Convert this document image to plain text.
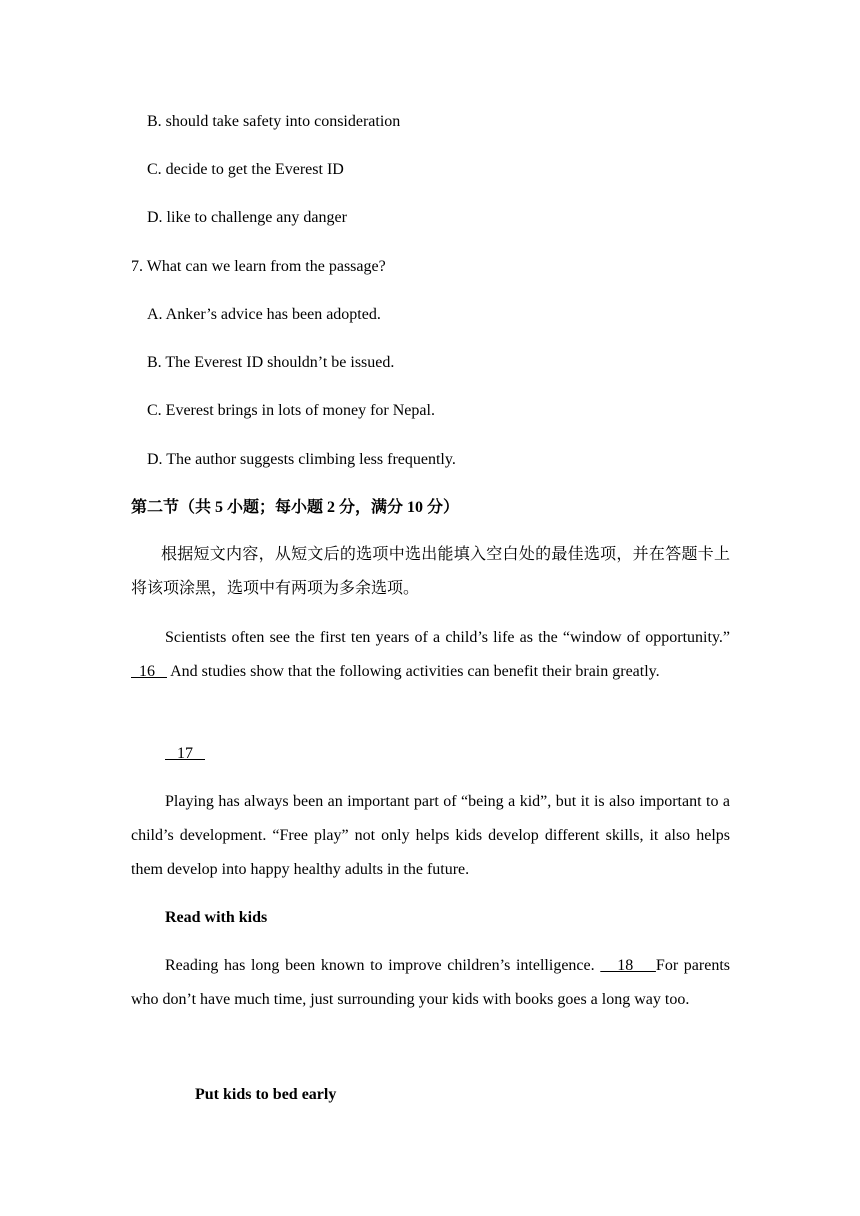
B. should take safety into consideration
C. decide to get the Everest ID
D. like to challenge any danger
7. What can we learn from the passage?
A. Anker’s advice has been adopted.
B. The Everest ID shouldn’t be issued.
C. Everest brings in lots of money for Nepal.
D. The author suggests climbing less frequently.
第二节（共 5 小题；每小题 2 分，满分 10 分）
根据短文内容，从短文后的选项中选出能填入空白处的最佳选项，并在答题卡上将该项涂黑，选项中有两项为多余选项。
Scientists often see the first ten years of a child’s life as the “window of opportunity.”   16    And studies show that the following activities can benefit their brain greatly.
17
Playing has always been an important part of “being a kid”, but it is also important to a child’s development. “Free play” not only helps kids develop different skills, it also helps them develop into happy healthy adults in the future.
Read with kids
Reading has long been known to improve children’s intelligence.    18    For parents who don’t have much time, just surrounding your kids with books goes a long way too.
Put kids to bed early
